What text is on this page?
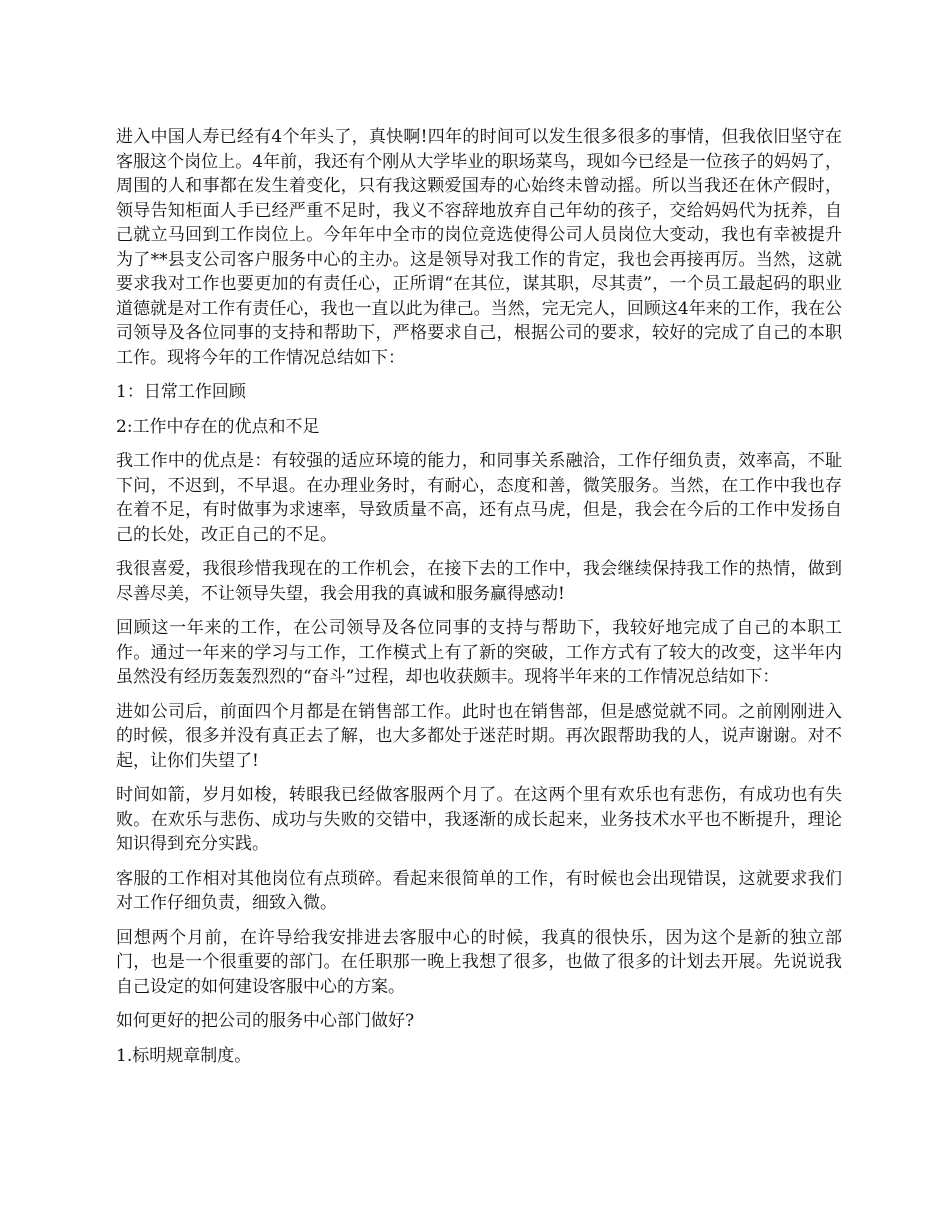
进入中国人寿已经有4个年头了，真快啊!四年的时间可以发生很多很多的事情，但我依旧坚守在客服这个岗位上。4年前，我还有个刚从大学毕业的职场菜鸟，现如今已经是一位孩子的妈妈了，周围的人和事都在发生着变化，只有我这颗爱国寿的心始终未曾动摇。所以当我还在休产假时，领导告知柜面人手已经严重不足时，我义不容辞地放弃自己年幼的孩子，交给妈妈代为抚养，自己就立马回到工作岗位上。今年年中全市的岗位竞选使得公司人员岗位大变动，我也有幸被提升为了**县支公司客户服务中心的主办。这是领导对我工作的肯定，我也会再接再厉。当然，这就要求我对工作也要更加的有责任心，正所谓“在其位，谋其职，尽其责”，一个员工最起码的职业道德就是对工作有责任心，我也一直以此为律己。当然，完无完人，回顾这4年来的工作，我在公司领导及各位同事的支持和帮助下，严格要求自己，根据公司的要求，较好的完成了自己的本职工作。现将今年的工作情况总结如下：

1：日常工作回顾

2:工作中存在的优点和不足

我工作中的优点是：有较强的适应环境的能力，和同事关系融洽，工作仔细负责，效率高，不耻下问，不迟到，不早退。在办理业务时，有耐心，态度和善，微笑服务。当然，在工作中我也存在着不足，有时做事为求速率，导致质量不高，还有点马虎，但是，我会在今后的工作中发扬自己的长处，改正自己的不足。

我很喜爱，我很珍惜我现在的工作机会，在接下去的工作中，我会继续保持我工作的热情，做到尽善尽美，不让领导失望，我会用我的真诚和服务赢得感动!

回顾这一年来的工作，在公司领导及各位同事的支持与帮助下，我较好地完成了自己的本职工作。通过一年来的学习与工作，工作模式上有了新的突破，工作方式有了较大的改变，这半年内虽然没有经历轰轰烈烈的“奋斗”过程，却也收获颇丰。现将半年来的工作情况总结如下：

进如公司后，前面四个月都是在销售部工作。此时也在销售部，但是感觉就不同。之前刚刚进入的时候，很多并没有真正去了解，也大多都处于迷茫时期。再次跟帮助我的人，说声谢谢。对不起，让你们失望了!

时间如箭，岁月如梭，转眼我已经做客服两个月了。在这两个里有欢乐也有悲伤，有成功也有失败。在欢乐与悲伤、成功与失败的交错中，我逐渐的成长起来，业务技术水平也不断提升，理论知识得到充分实践。

客服的工作相对其他岗位有点琐碎。看起来很简单的工作，有时候也会出现错误，这就要求我们对工作仔细负责，细致入微。

回想两个月前，在许导给我安排进去客服中心的时候，我真的很快乐，因为这个是新的独立部门，也是一个很重要的部门。在任职那一晚上我想了很多，也做了很多的计划去开展。先说说我自己设定的如何建设客服中心的方案。

如何更好的把公司的服务中心部门做好?

1.标明规章制度。
